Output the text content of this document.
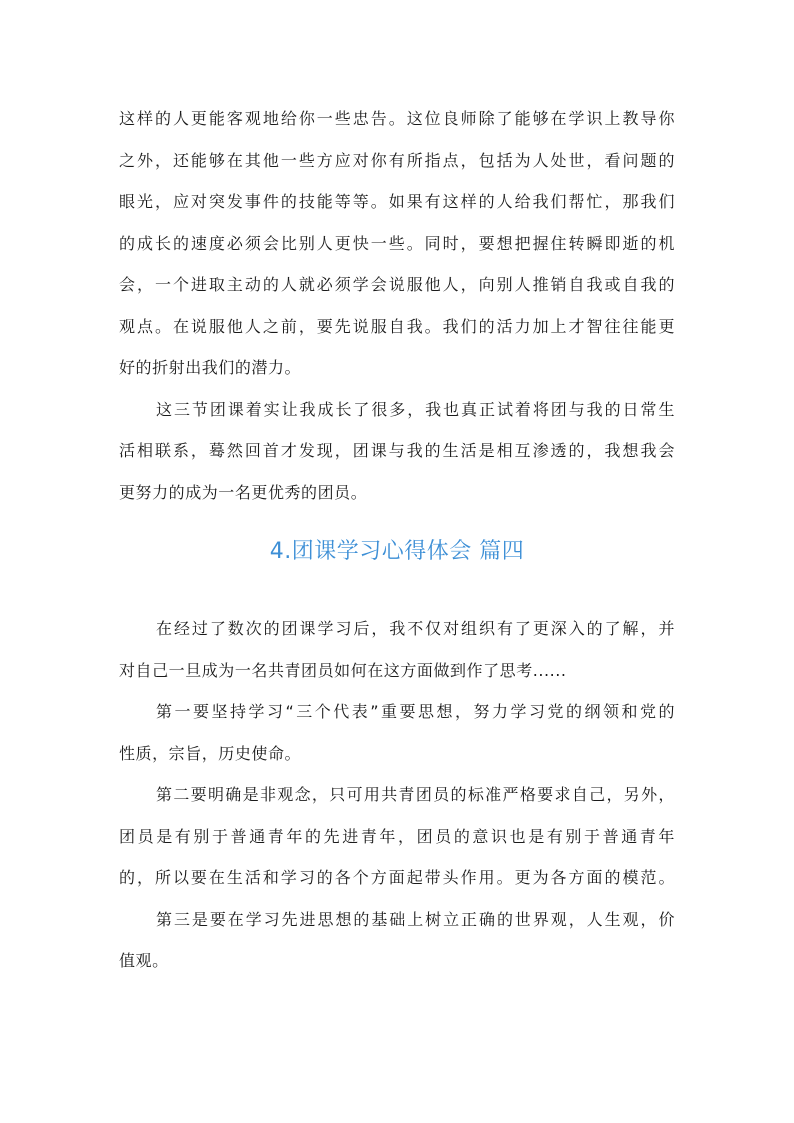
这样的人更能客观地给你一些忠告。这位良师除了能够在学识上教导你
之外，还能够在其他一些方应对你有所指点，包括为人处世，看问题的
眼光，应对突发事件的技能等等。如果有这样的人给我们帮忙，那我们
的成长的速度必须会比别人更快一些。同时，要想把握住转瞬即逝的机
会，一个进取主动的人就必须学会说服他人，向别人推销自我或自我的
观点。在说服他人之前，要先说服自我。我们的活力加上才智往往能更
好的折射出我们的潜力。
这三节团课着实让我成长了很多，我也真正试着将团与我的日常生
活相联系，蓦然回首才发现，团课与我的生活是相互渗透的，我想我会
更努力的成为一名更优秀的团员。
4.团课学习心得体会 篇四
在经过了数次的团课学习后，我不仅对组织有了更深入的了解，并
对自己一旦成为一名共青团员如何在这方面做到作了思考......
第一要坚持学习“三个代表”重要思想，努力学习党的纲领和党的
性质，宗旨，历史使命。
第二要明确是非观念，只可用共青团员的标准严格要求自己，另外，
团员是有别于普通青年的先进青年，团员的意识也是有别于普通青年
的，所以要在生活和学习的各个方面起带头作用。更为各方面的模范。
第三是要在学习先进思想的基础上树立正确的世界观，人生观，价
值观。
